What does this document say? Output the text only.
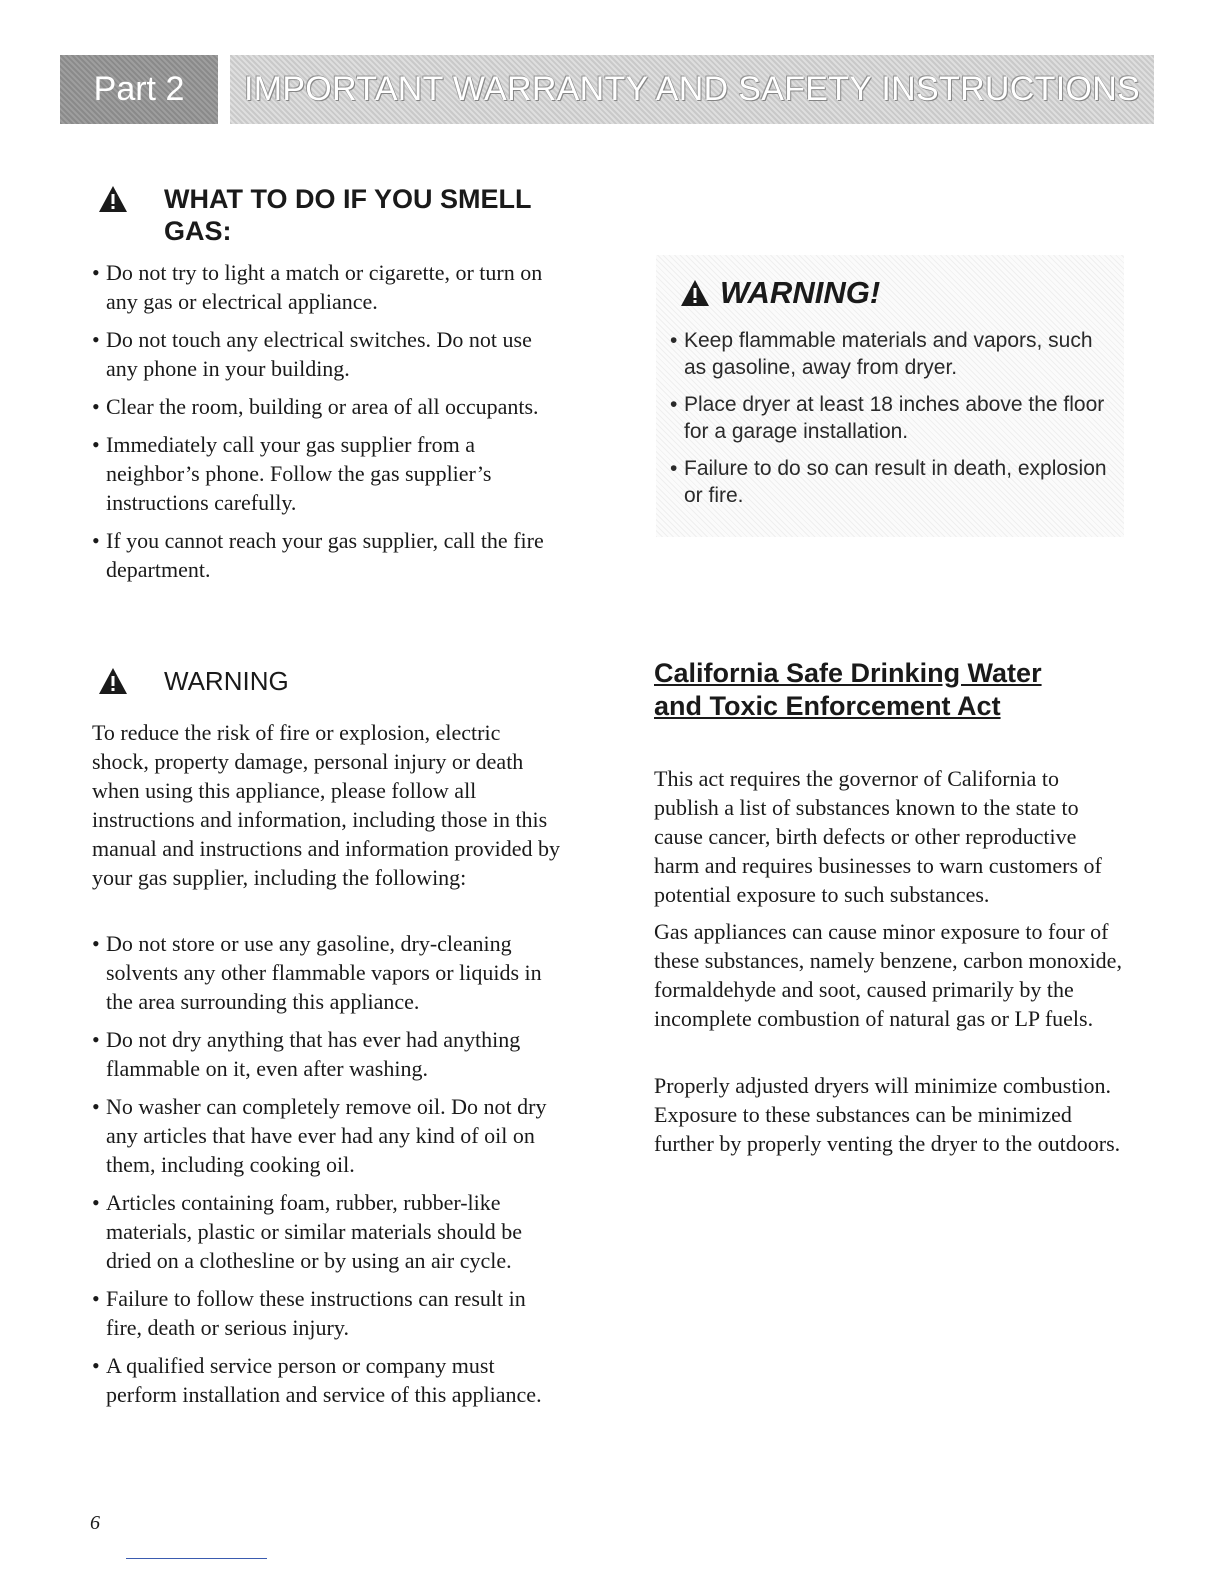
Part 2 IMPORTANT WARRANTY AND SAFETY INSTRUCTIONS
WHAT TO DO IF YOU SMELL
GAS:
• Do not try to light a match or cigarette, or turn on any gas or electrical appliance.
• Do not touch any electrical switches. Do not use any phone in your building.
• Clear the room, building or area of all occupants.
• Immediately call your gas supplier from a neighbor’s phone. Follow the gas supplier’s instructions carefully.
• If you cannot reach your gas supplier, call the fire department.
WARNING!
• Keep flammable materials and vapors, such as gasoline, away from dryer.
• Place dryer at least 18 inches above the floor for a garage installation.
• Failure to do so can result in death, explosion or fire.
WARNING
To reduce the risk of fire or explosion, electric shock, property damage, personal injury or death when using this appliance, please follow all instructions and information, including those in this manual and instructions and information provided by your gas supplier, including the following:
• Do not store or use any gasoline, dry-cleaning solvents any other flammable vapors or liquids in the area surrounding this appliance.
• Do not dry anything that has ever had anything flammable on it, even after washing.
• No washer can completely remove oil. Do not dry any articles that have ever had any kind of oil on them, including cooking oil.
• Articles containing foam, rubber, rubber-like materials, plastic or similar materials should be dried on a clothesline or by using an air cycle.
• Failure to follow these instructions can result in fire, death or serious injury.
• A qualified service person or company must perform installation and service of this appliance.
California Safe Drinking Water
and Toxic Enforcement Act
This act requires the governor of California to publish a list of substances known to the state to cause cancer, birth defects or other reproductive harm and requires businesses to warn customers of potential exposure to such substances.
Gas appliances can cause minor exposure to four of these substances, namely benzene, carbon monoxide, formaldehyde and soot, caused primarily by the incomplete combustion of natural gas or LP fuels.
Properly adjusted dryers will minimize combustion. Exposure to these substances can be minimized further by properly venting the dryer to the outdoors.
6
